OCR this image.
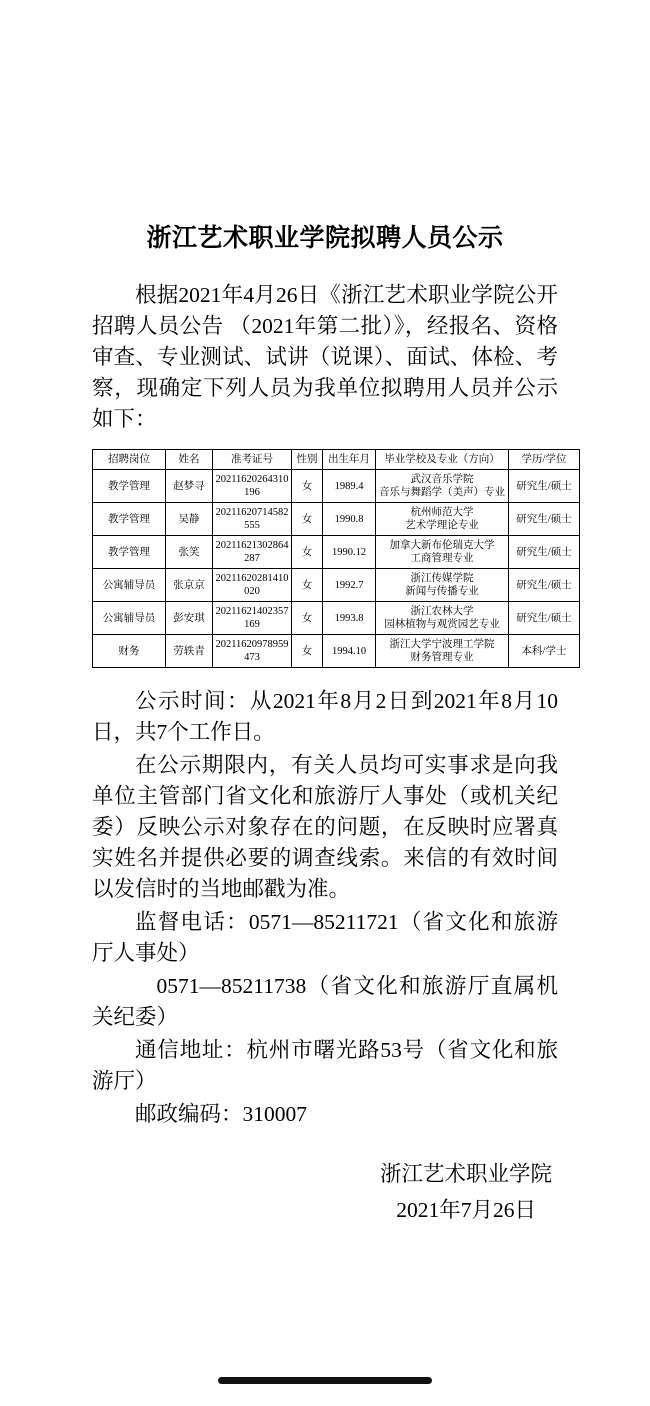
浙江艺术职业学院拟聘人员公示

根据2021年4月26日《浙江艺术职业学院公开招聘人员公告 （2021年第二批）》，经报名、资格审查、专业测试、试讲（说课）、面试、体检、考察，现确定下列人员为我单位拟聘用人员并公示如下：

招聘岗位	姓名	准考证号	性别	出生年月	毕业学校及专业（方向）	学历/学位
教学管理	赵梦寻	20211620264310196	女	1989.4	武汉音乐学院
音乐与舞蹈学（美声）专业	研究生/硕士
教学管理	吴静	20211620714582555	女	1990.8	杭州师范大学
艺术学理论专业	研究生/硕士
教学管理	张笑	20211621302864287	女	1990.12	加拿大新布伦瑞克大学
工商管理专业	研究生/硕士
公寓辅导员	张京京	20211620281410020	女	1992.7	浙江传媒学院
新闻与传播专业	研究生/硕士
公寓辅导员	彭安琪	20211621402357169	女	1993.8	浙江农林大学
园林植物与观赏园艺专业	研究生/硕士
财务	劳轶青	20211620978959473	女	1994.10	浙江大学宁波理工学院
财务管理专业	本科/学士

公示时间：从2021年8月2日到2021年8月10日，共7个工作日。

在公示期限内，有关人员均可实事求是向我单位主管部门省文化和旅游厅人事处（或机关纪委）反映公示对象存在的问题，在反映时应署真实姓名并提供必要的调查线索。来信的有效时间以发信时的当地邮戳为准。

监督电话：0571—85211721（省文化和旅游厅人事处）

0571—85211738（省文化和旅游厅直属机关纪委）

通信地址：杭州市曙光路53号（省文化和旅游厅）

邮政编码：310007

浙江艺术职业学院
2021年7月26日
